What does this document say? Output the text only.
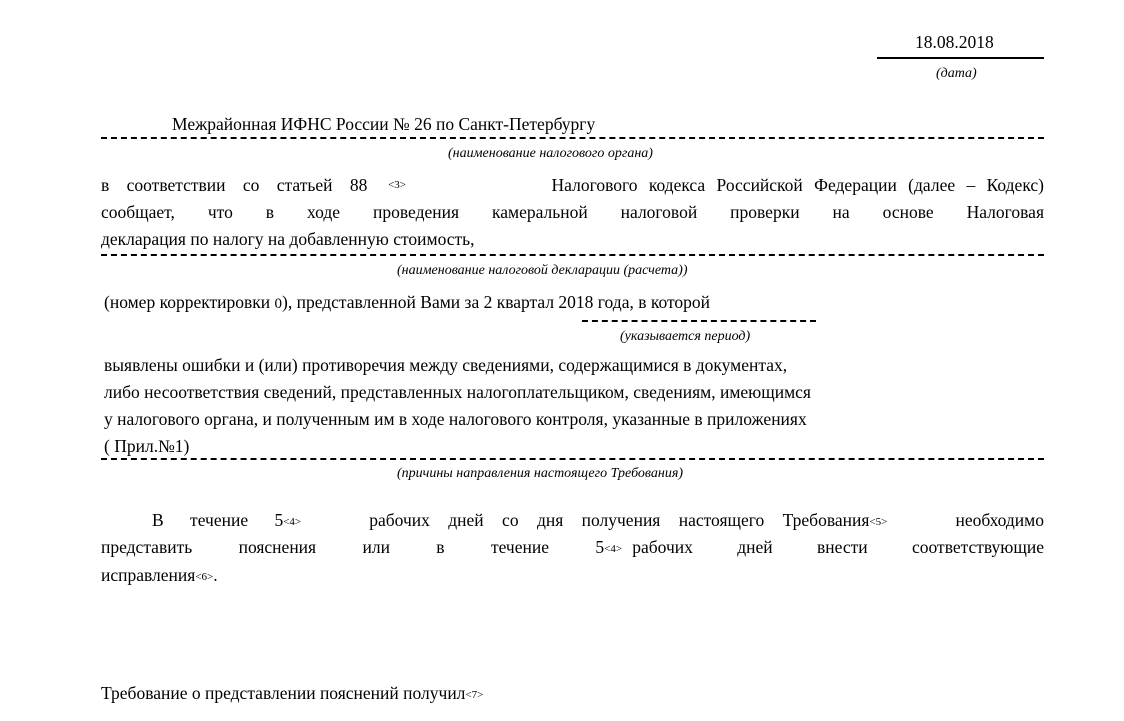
18.08.2018
(дата)
Межрайонная ИФНС России № 26 по Санкт-Петербургу
(наименование налогового органа)
в соответствии со статьей 88 <3>	Налогового кодекса Российской Федерации (далее – Кодекс)
сообщает, что в ходе проведения камеральной налоговой проверки на основе Налоговая
декларация по налогу на добавленную стоимость,
(наименование налоговой декларации (расчета))
(номер корректировки 0), представленной Вами за 2 квартал 2018 года, в которой
(указывается период)
выявлены ошибки и (или) противоречия между сведениями, содержащимися в документах,
либо несоответствия сведений, представленных налогоплательщиком, сведениям, имеющимся
у налогового органа, и полученным им в ходе налогового контроля, указанные в приложениях
( Прил.№1)
(причины направления настоящего Требования)
В течение 5<4>	рабочих дней со дня получения настоящего Требования<5>	необходимо
представить пояснения или в течение 5<4> рабочих дней внести соответствующие
исправления<6>.
Требование о представлении пояснений получил<7>
